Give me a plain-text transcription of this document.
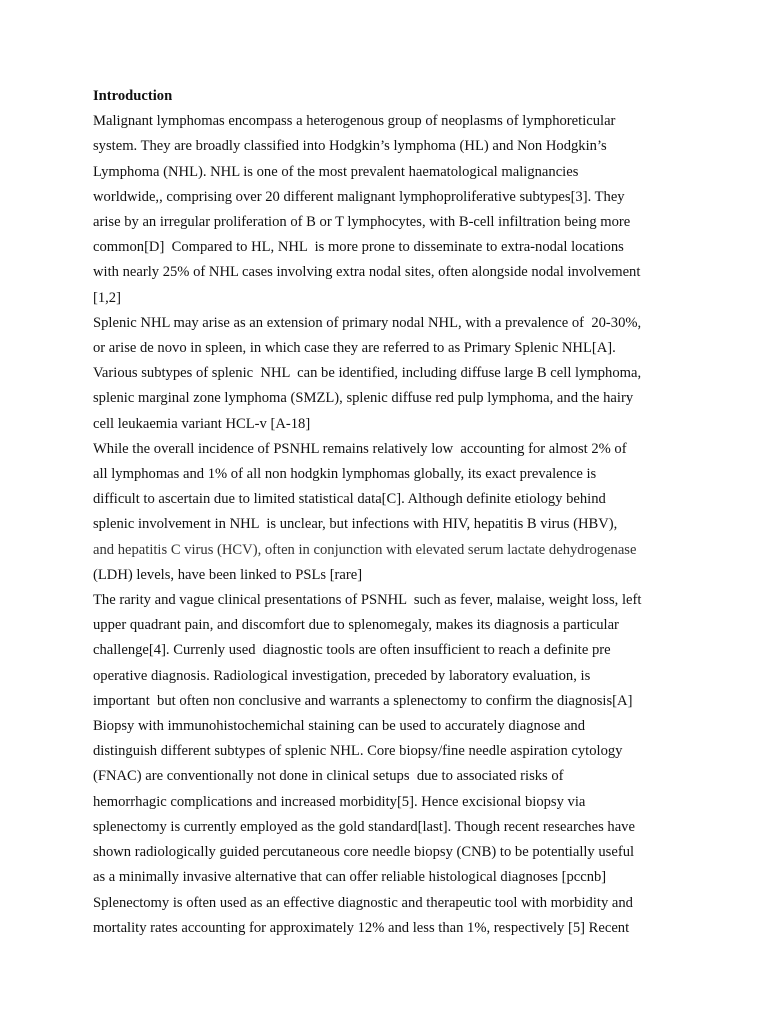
Introduction

Malignant lymphomas encompass a heterogenous group of neoplasms of lymphoreticular

system. They are broadly classified into Hodgkin’s lymphoma (HL) and Non Hodgkin’s

Lymphoma (NHL). NHL is one of the most prevalent haematological malignancies

worldwide,, comprising over 20 different malignant lymphoproliferative subtypes[3]. They

arise by an irregular proliferation of B or T lymphocytes, with B-cell infiltration being more

common[D]  Compared to HL, NHL  is more prone to disseminate to extra-nodal locations

with nearly 25% of NHL cases involving extra nodal sites, often alongside nodal involvement

[1,2]

Splenic NHL may arise as an extension of primary nodal NHL, with a prevalence of  20-30%,

or arise de novo in spleen, in which case they are referred to as Primary Splenic NHL[A].

Various subtypes of splenic  NHL  can be identified, including diffuse large B cell lymphoma,

splenic marginal zone lymphoma (SMZL), splenic diffuse red pulp lymphoma, and the hairy

cell leukaemia variant HCL-v [A-18]

While the overall incidence of PSNHL remains relatively low  accounting for almost 2% of

all lymphomas and 1% of all non hodgkin lymphomas globally, its exact prevalence is

difficult to ascertain due to limited statistical data[C]. Although definite etiology behind

splenic involvement in NHL  is unclear, but infections with HIV, hepatitis B virus (HBV),

and hepatitis C virus (HCV), often in conjunction with elevated serum lactate dehydrogenase

(LDH) levels, have been linked to PSLs [rare]

The rarity and vague clinical presentations of PSNHL  such as fever, malaise, weight loss, left

upper quadrant pain, and discomfort due to splenomegaly, makes its diagnosis a particular

challenge[4]. Currenly used  diagnostic tools are often insufficient to reach a definite pre

operative diagnosis. Radiological investigation, preceded by laboratory evaluation, is

important  but often non conclusive and warrants a splenectomy to confirm the diagnosis[A]

Biopsy with immunohistochemichal staining can be used to accurately diagnose and

distinguish different subtypes of splenic NHL. Core biopsy/fine needle aspiration cytology

(FNAC) are conventionally not done in clinical setups  due to associated risks of

hemorrhagic complications and increased morbidity[5]. Hence excisional biopsy via

splenectomy is currently employed as the gold standard[last]. Though recent researches have

shown radiologically guided percutaneous core needle biopsy (CNB) to be potentially useful

as a minimally invasive alternative that can offer reliable histological diagnoses [pccnb]

Splenectomy is often used as an effective diagnostic and therapeutic tool with morbidity and

mortality rates accounting for approximately 12% and less than 1%, respectively [5] Recent
